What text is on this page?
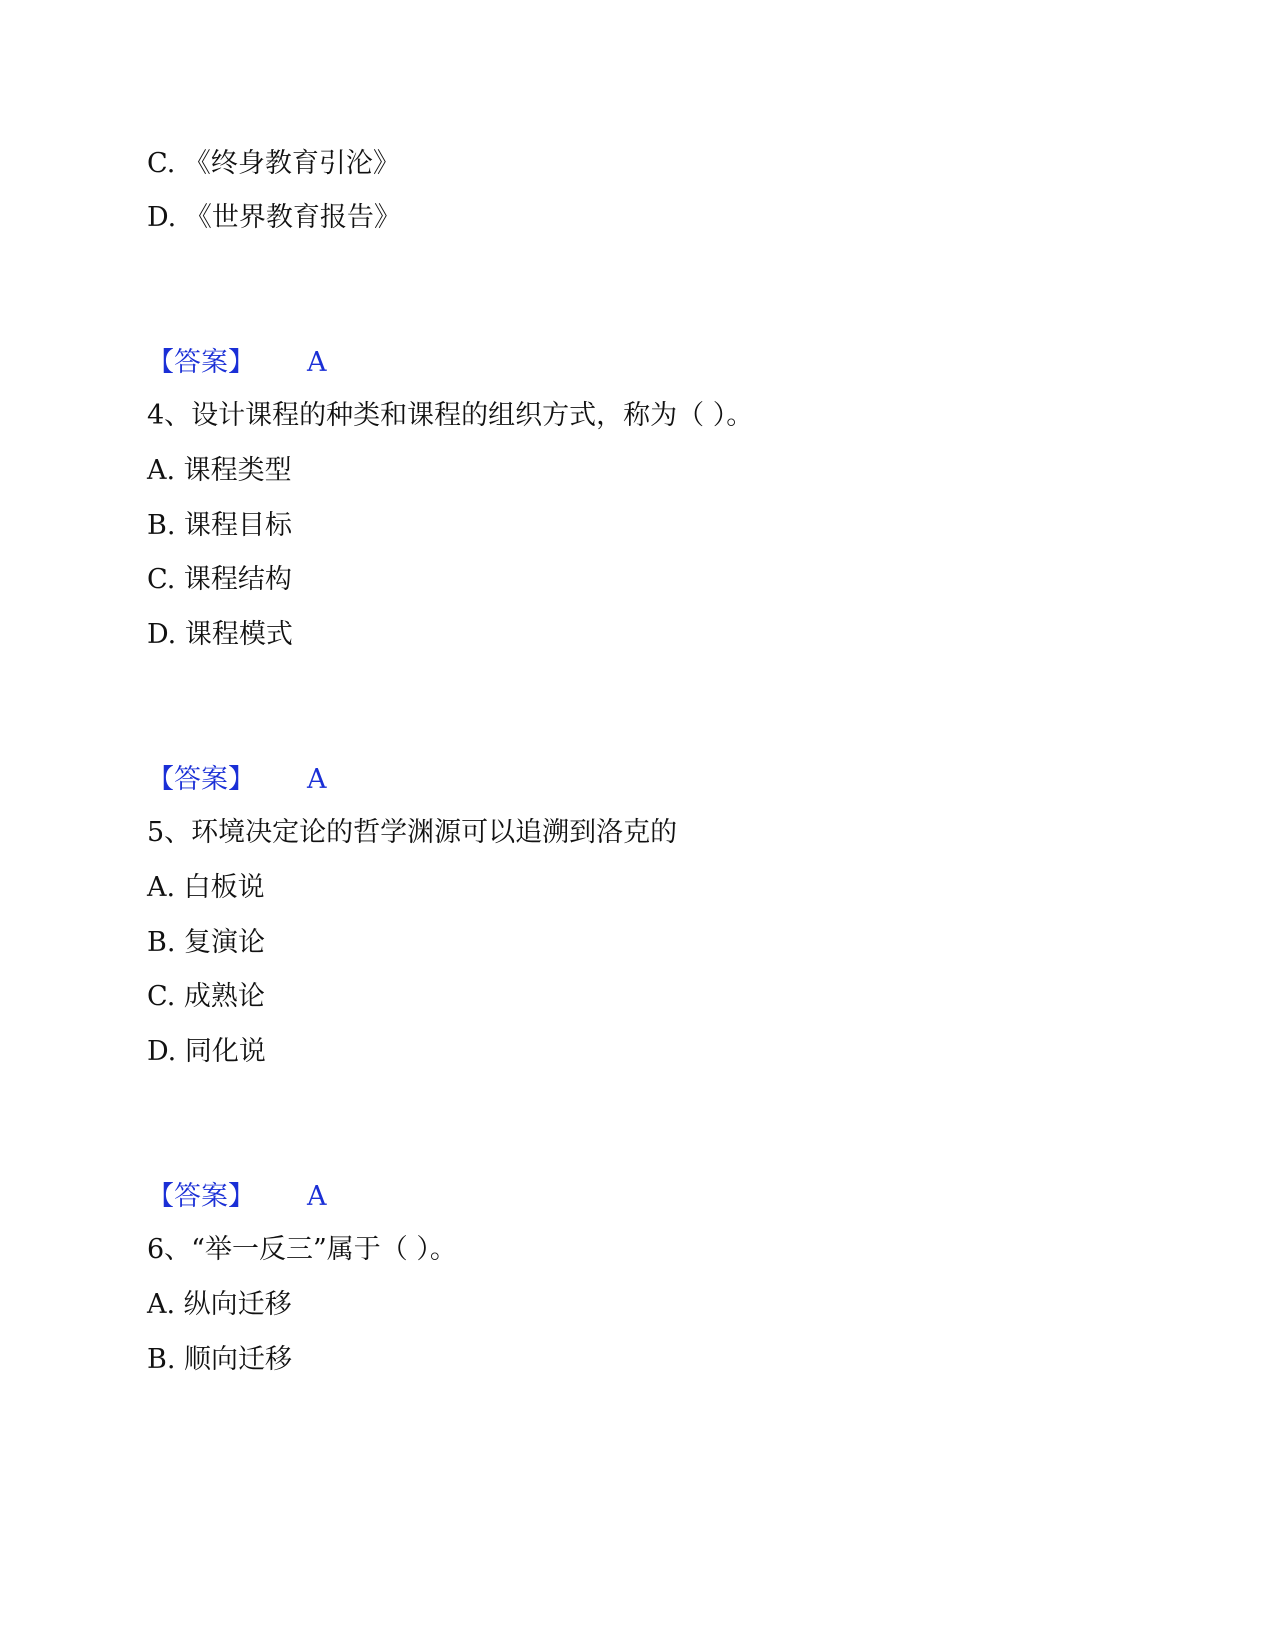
C. 《终身教育引沦》
D. 《世界教育报告》
【答案】 A
4、设计课程的种类和课程的组织方式，称为（ ）。
A. 课程类型
B. 课程目标
C. 课程结构
D. 课程模式
【答案】 A
5、环境决定论的哲学渊源可以追溯到洛克的
A. 白板说
B. 复演论
C. 成熟论
D. 同化说
【答案】 A
6、“举一反三”属于（ ）。
A. 纵向迁移
B. 顺向迁移
